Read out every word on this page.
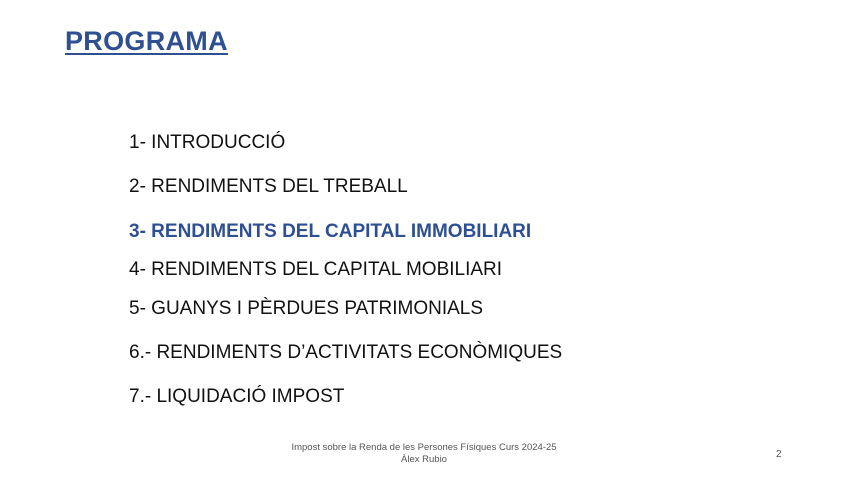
PROGRAMA
1- INTRODUCCIÓ
2- RENDIMENTS DEL TREBALL
3- RENDIMENTS DEL CAPITAL IMMOBILIARI
4- RENDIMENTS DEL CAPITAL MOBILIARI
5- GUANYS I PÈRDUES PATRIMONIALS
6.- RENDIMENTS D’ACTIVITATS ECONÒMIQUES
7.- LIQUIDACIÓ IMPOST
Impost sobre la Renda de les Persones Físiques Curs 2024-25
Àlex Rubio	2
